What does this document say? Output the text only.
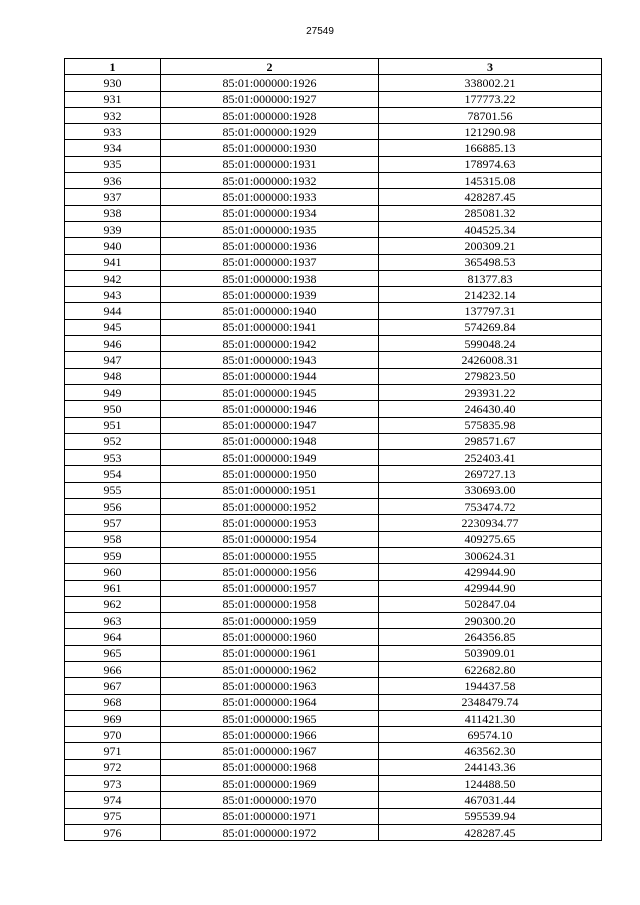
27549
1	2	3
930	85:01:000000:1926	338002.21
931	85:01:000000:1927	177773.22
932	85:01:000000:1928	78701.56
933	85:01:000000:1929	121290.98
934	85:01:000000:1930	166885.13
935	85:01:000000:1931	178974.63
936	85:01:000000:1932	145315.08
937	85:01:000000:1933	428287.45
938	85:01:000000:1934	285081.32
939	85:01:000000:1935	404525.34
940	85:01:000000:1936	200309.21
941	85:01:000000:1937	365498.53
942	85:01:000000:1938	81377.83
943	85:01:000000:1939	214232.14
944	85:01:000000:1940	137797.31
945	85:01:000000:1941	574269.84
946	85:01:000000:1942	599048.24
947	85:01:000000:1943	2426008.31
948	85:01:000000:1944	279823.50
949	85:01:000000:1945	293931.22
950	85:01:000000:1946	246430.40
951	85:01:000000:1947	575835.98
952	85:01:000000:1948	298571.67
953	85:01:000000:1949	252403.41
954	85:01:000000:1950	269727.13
955	85:01:000000:1951	330693.00
956	85:01:000000:1952	753474.72
957	85:01:000000:1953	2230934.77
958	85:01:000000:1954	409275.65
959	85:01:000000:1955	300624.31
960	85:01:000000:1956	429944.90
961	85:01:000000:1957	429944.90
962	85:01:000000:1958	502847.04
963	85:01:000000:1959	290300.20
964	85:01:000000:1960	264356.85
965	85:01:000000:1961	503909.01
966	85:01:000000:1962	622682.80
967	85:01:000000:1963	194437.58
968	85:01:000000:1964	2348479.74
969	85:01:000000:1965	411421.30
970	85:01:000000:1966	69574.10
971	85:01:000000:1967	463562.30
972	85:01:000000:1968	244143.36
973	85:01:000000:1969	124488.50
974	85:01:000000:1970	467031.44
975	85:01:000000:1971	595539.94
976	85:01:000000:1972	428287.45
